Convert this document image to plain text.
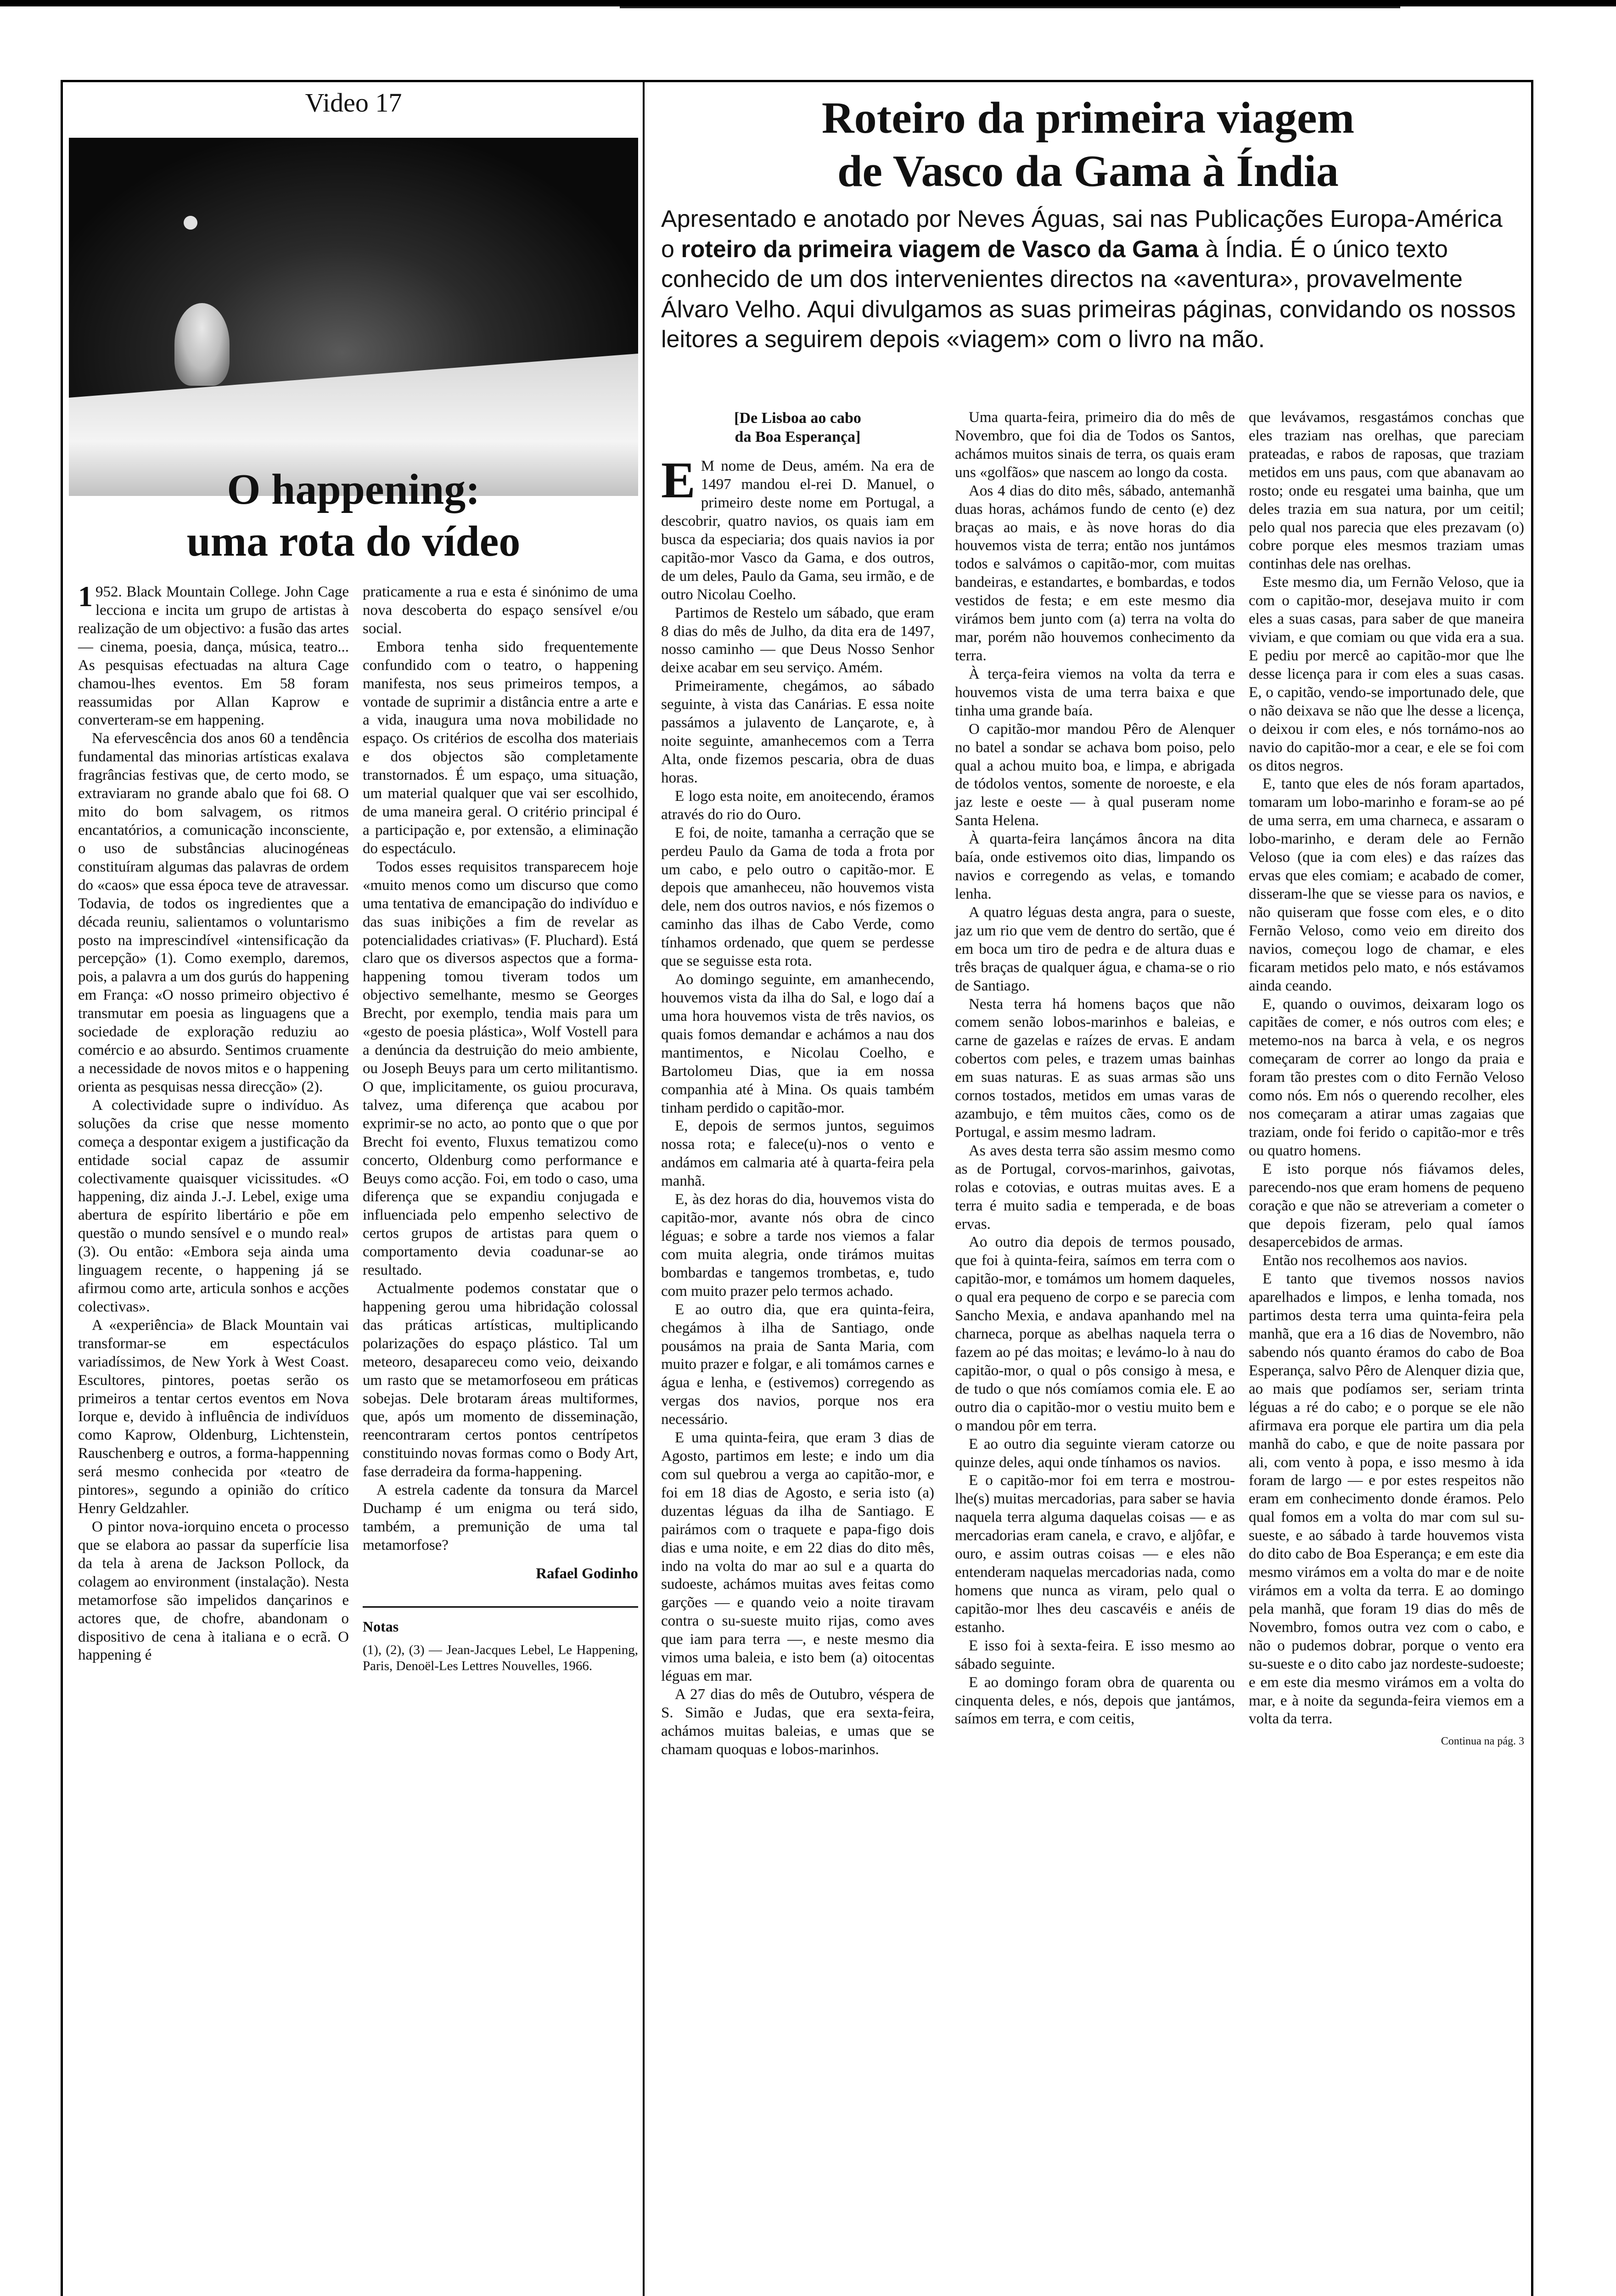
Video 17
O happening:
uma rota do vídeo

1 952. Black Mountain College. John Cage lecciona e incita um grupo de artistas à realização de um objectivo: a fusão das artes — cinema, poesia, dança, música, teatro... As pesquisas efectuadas na altura Cage chamou-lhes eventos. Em 58 foram reassumidas por Allan Kaprow e converteram-se em happening.

Na efervescência dos anos 60 a tendência fundamental das minorias artísticas exalava fragrâncias festivas que, de certo modo, se extraviaram no grande abalo que foi 68. O mito do bom salvagem, os ritmos encantatórios, a comunicação inconsciente, o uso de substâncias alucinogéneas constituíram algumas das palavras de ordem do «caos» que essa época teve de atravessar. Todavia, de todos os ingredientes que a década reuniu, salientamos o voluntarismo posto na imprescindível «intensificação da percepção» (1). Como exemplo, daremos, pois, a palavra a um dos gurús do happening em França: «O nosso primeiro objectivo é transmutar em poesia as linguagens que a sociedade de exploração reduziu ao comércio e ao absurdo. Sentimos cruamente a necessidade de novos mitos e o happening orienta as pesquisas nessa direcção» (2).

A colectividade supre o indivíduo. As soluções da crise que nesse momento começa a despontar exigem a justificação da entidade social capaz de assumir colectivamente quaisquer vicissitudes. «O happening, diz ainda J.-J. Lebel, exige uma abertura de espírito libertário e põe em questão o mundo sensível e o mundo real» (3). Ou então: «Embora seja ainda uma linguagem recente, o happening já se afirmou como arte, articula sonhos e acções colectivas».

A «experiência» de Black Mountain vai transformar-se em espectáculos variadíssimos, de New York à West Coast. Escultores, pintores, poetas serão os primeiros a tentar certos eventos em Nova Iorque e, devido à influência de indivíduos como Kaprow, Oldenburg, Lichtenstein, Rauschenberg e outros, a forma-happenning será mesmo conhecida por «teatro de pintores», segundo a opinião do crítico Henry Geldzahler.

O pintor nova-iorquino enceta o processo que se elabora ao passar da superfície lisa da tela à arena de Jackson Pollock, da colagem ao environment (instalação). Nesta metamorfose são impelidos dançarinos e actores que, de chofre, abandonam o dispositivo de cena à italiana e o ecrã. O happening é

praticamente a rua e esta é sinónimo de uma nova descoberta do espaço sensível e/ou social.

Embora tenha sido frequentemente confundido com o teatro, o happening manifesta, nos seus primeiros tempos, a vontade de suprimir a distância entre a arte e a vida, inaugura uma nova mobilidade no espaço. Os critérios de escolha dos materiais e dos objectos são completamente transtornados. É um espaço, uma situação, um material qualquer que vai ser escolhido, de uma maneira geral. O critério principal é a participação e, por extensão, a eliminação do espectáculo.

Todos esses requisitos transparecem hoje «muito menos como um discurso que como uma tentativa de emancipação do indivíduo e das suas inibições a fim de revelar as potencialidades criativas» (F. Pluchard). Está claro que os diversos aspectos que a forma-happening tomou tiveram todos um objectivo semelhante, mesmo se Georges Brecht, por exemplo, tendia mais para um «gesto de poesia plástica», Wolf Vostell para a denúncia da destruição do meio ambiente, ou Joseph Beuys para um certo militantismo. O que, implicitamente, os guiou procurava, talvez, uma diferença que acabou por exprimir-se no acto, ao ponto que o que por Brecht foi evento, Fluxus tematizou como concerto, Oldenburg como performance e Beuys como acção. Foi, em todo o caso, uma diferença que se expandiu conjugada e influenciada pelo empenho selectivo de certos grupos de artistas para quem o comportamento devia coadunar-se ao resultado.

Actualmente podemos constatar que o happening gerou uma hibridação colossal das práticas artísticas, multiplicando polarizações do espaço plástico. Tal um meteoro, desapareceu como veio, deixando um rasto que se metamorfoseou em práticas sobejas. Dele brotaram áreas multiformes, que, após um momento de disseminação, reencontraram certos pontos centrípetos constituindo novas formas como o Body Art, fase derradeira da forma-happening.

A estrela cadente da tonsura da Marcel Duchamp é um enigma ou terá sido, também, a premunição de uma tal metamorfose?

Rafael Godinho
Notas
(1), (2), (3) — Jean-Jacques Lebel, Le Happening, Paris, Denoël-Les Lettres Nouvelles, 1966.
Roteiro da primeira viagem
de Vasco da Gama à Índia
Apresentado e anotado por Neves Águas, sai nas Publicações Europa-América o roteiro da primeira viagem de Vasco da Gama à Índia. É o único texto conhecido de um dos intervenientes directos na «aventura», provavelmente Álvaro Velho. Aqui divulgamos as suas primeiras páginas, convidando os nossos leitores a seguirem depois «viagem» com o livro na mão.
[De Lisboa ao cabo
da Boa Esperança]

E M nome de Deus, amém. Na era de 1497 mandou el-rei D. Manuel, o primeiro deste nome em Portugal, a descobrir, quatro navios, os quais iam em busca da especiaria; dos quais navios ia por capitão-mor Vasco da Gama, e dos outros, de um deles, Paulo da Gama, seu irmão, e de outro Nicolau Coelho.

Partimos de Restelo um sábado, que eram 8 dias do mês de Julho, da dita era de 1497, nosso caminho — que Deus Nosso Senhor deixe acabar em seu serviço. Amém.

Primeiramente, chegámos, ao sábado seguinte, à vista das Canárias. E essa noite passámos a julavento de Lançarote, e, à noite seguinte, amanhecemos com a Terra Alta, onde fizemos pescaria, obra de duas horas.

E logo esta noite, em anoitecendo, éramos através do rio do Ouro.

E foi, de noite, tamanha a cerração que se perdeu Paulo da Gama de toda a frota por um cabo, e pelo outro o capitão-mor. E depois que amanheceu, não houvemos vista dele, nem dos outros navios, e nós fizemos o caminho das ilhas de Cabo Verde, como tínhamos ordenado, que quem se perdesse que se seguisse esta rota.

Ao domingo seguinte, em amanhecendo, houvemos vista da ilha do Sal, e logo daí a uma hora houvemos vista de três navios, os quais fomos demandar e achámos a nau dos mantimentos, e Nicolau Coelho, e Bartolomeu Dias, que ia em nossa companhia até à Mina. Os quais também tinham perdido o capitão-mor.

E, depois de sermos juntos, seguimos nossa rota; e falece(u)-nos o vento e andámos em calmaria até à quarta-feira pela manhã.

E, às dez horas do dia, houvemos vista do capitão-mor, avante nós obra de cinco léguas; e sobre a tarde nos viemos a falar com muita alegria, onde tirámos muitas bombardas e tangemos trombetas, e, tudo com muito prazer pelo termos achado.

E ao outro dia, que era quinta-feira, chegámos à ilha de Santiago, onde pousámos na praia de Santa Maria, com muito prazer e folgar, e ali tomámos carnes e água e lenha, e (estivemos) corregendo as vergas dos navios, porque nos era necessário.

E uma quinta-feira, que eram 3 dias de Agosto, partimos em leste; e indo um dia com sul quebrou a verga ao capitão-mor, e foi em 18 dias de Agosto, e seria isto (a) duzentas léguas da ilha de Santiago. E pairámos com o traquete e papa-figo dois dias e uma noite, e em 22 dias do dito mês, indo na volta do mar ao sul e a quarta do sudoeste, achámos muitas aves feitas como garções — e quando veio a noite tiravam contra o su-sueste muito rijas, como aves que iam para terra —, e neste mesmo dia vimos uma baleia, e isto bem (a) oitocentas léguas em mar.

A 27 dias do mês de Outubro, véspera de S. Simão e Judas, que era sexta-feira, achámos muitas baleias, e umas que se chamam quoquas e lobos-marinhos.

Uma quarta-feira, primeiro dia do mês de Novembro, que foi dia de Todos os Santos, achámos muitos sinais de terra, os quais eram uns «golfãos» que nascem ao longo da costa.

Aos 4 dias do dito mês, sábado, antemanhã duas horas, achámos fundo de cento (e) dez braças ao mais, e às nove horas do dia houvemos vista de terra; então nos juntámos todos e salvámos o capitão-mor, com muitas bandeiras, e estandartes, e bombardas, e todos vestidos de festa; e em este mesmo dia virámos bem junto com (a) terra na volta do mar, porém não houvemos conhecimento da terra.

À terça-feira viemos na volta da terra e houvemos vista de uma terra baixa e que tinha uma grande baía.

O capitão-mor mandou Pêro de Alenquer no batel a sondar se achava bom poiso, pelo qual a achou muito boa, e limpa, e abrigada de tódolos ventos, somente de noroeste, e ela jaz leste e oeste — à qual puseram nome Santa Helena.

À quarta-feira lançámos âncora na dita baía, onde estivemos oito dias, limpando os navios e corregendo as velas, e tomando lenha.

A quatro léguas desta angra, para o sueste, jaz um rio que vem de dentro do sertão, que é em boca um tiro de pedra e de altura duas e três braças de qualquer água, e chama-se o rio de Santiago.

Nesta terra há homens baços que não comem senão lobos-marinhos e baleias, e carne de gazelas e raízes de ervas. E andam cobertos com peles, e trazem umas bainhas em suas naturas. E as suas armas são uns cornos tostados, metidos em umas varas de azambujo, e têm muitos cães, como os de Portugal, e assim mesmo ladram.

As aves desta terra são assim mesmo como as de Portugal, corvos-marinhos, gaivotas, rolas e cotovias, e outras muitas aves. E a terra é muito sadia e temperada, e de boas ervas.

Ao outro dia depois de termos pousado, que foi à quinta-feira, saímos em terra com o capitão-mor, e tomámos um homem daqueles, o qual era pequeno de corpo e se parecia com Sancho Mexia, e andava apanhando mel na charneca, porque as abelhas naquela terra o fazem ao pé das moitas; e levámo-lo à nau do capitão-mor, o qual o pôs consigo à mesa, e de tudo o que nós comíamos comia ele. E ao outro dia o capitão-mor o vestiu muito bem e o mandou pôr em terra.

E ao outro dia seguinte vieram catorze ou quinze deles, aqui onde tínhamos os navios.

E o capitão-mor foi em terra e mostrou-lhe(s) muitas mercadorias, para saber se havia naquela terra alguma daquelas coisas — e as mercadorias eram canela, e cravo, e aljôfar, e ouro, e assim outras coisas — e eles não entenderam naquelas mercadorias nada, como homens que nunca as viram, pelo qual o capitão-mor lhes deu cascavéis e anéis de estanho.

E isso foi à sexta-feira. E isso mesmo ao sábado seguinte.

E ao domingo foram obra de quarenta ou cinquenta deles, e nós, depois que jantámos, saímos em terra, e com ceitis,

que levávamos, resgastámos conchas que eles traziam nas orelhas, que pareciam prateadas, e rabos de raposas, que traziam metidos em uns paus, com que abanavam ao rosto; onde eu resgatei uma bainha, que um deles trazia em sua natura, por um ceitil; pelo qual nos parecia que eles prezavam (o) cobre porque eles mesmos traziam umas continhas dele nas orelhas.

Este mesmo dia, um Fernão Veloso, que ia com o capitão-mor, desejava muito ir com eles a suas casas, para saber de que maneira viviam, e que comiam ou que vida era a sua. E pediu por mercê ao capitão-mor que lhe desse licença para ir com eles a suas casas. E, o capitão, vendo-se importunado dele, que o não deixava se não que lhe desse a licença, o deixou ir com eles, e nós tornámo-nos ao navio do capitão-mor a cear, e ele se foi com os ditos negros.

E, tanto que eles de nós foram apartados, tomaram um lobo-marinho e foram-se ao pé de uma serra, em uma charneca, e assaram o lobo-marinho, e deram dele ao Fernão Veloso (que ia com eles) e das raízes das ervas que eles comiam; e acabado de comer, disseram-lhe que se viesse para os navios, e não quiseram que fosse com eles, e o dito Fernão Veloso, como veio em direito dos navios, começou logo de chamar, e eles ficaram metidos pelo mato, e nós estávamos ainda ceando.

E, quando o ouvimos, deixaram logo os capitães de comer, e nós outros com eles; e metemo-nos na barca à vela, e os negros começaram de correr ao longo da praia e foram tão prestes com o dito Fernão Veloso como nós. Em nós o querendo recolher, eles nos começaram a atirar umas zagaias que traziam, onde foi ferido o capitão-mor e três ou quatro homens.

E isto porque nós fiávamos deles, parecendo-nos que eram homens de pequeno coração e que não se atreveriam a cometer o que depois fizeram, pelo qual íamos desapercebidos de armas.

Então nos recolhemos aos navios.

E tanto que tivemos nossos navios aparelhados e limpos, e lenha tomada, nos partimos desta terra uma quinta-feira pela manhã, que era a 16 dias de Novembro, não sabendo nós quanto éramos do cabo de Boa Esperança, salvo Pêro de Alenquer dizia que, ao mais que podíamos ser, seriam trinta léguas a ré do cabo; e o porque se ele não afirmava era porque ele partira um dia pela manhã do cabo, e que de noite passara por ali, com vento à popa, e isso mesmo à ida foram de largo — e por estes respeitos não eram em conhecimento donde éramos. Pelo qual fomos em a volta do mar com sul su-sueste, e ao sábado à tarde houvemos vista do dito cabo de Boa Esperança; e em este dia mesmo virámos em a volta do mar e de noite virámos em a volta da terra. E ao domingo pela manhã, que foram 19 dias do mês de Novembro, fomos outra vez com o cabo, e não o pudemos dobrar, porque o vento era su-sueste e o dito cabo jaz nordeste-sudoeste; e em este dia mesmo virámos em a volta do mar, e à noite da segunda-feira viemos em a volta da terra.

Continua na pág. 3
